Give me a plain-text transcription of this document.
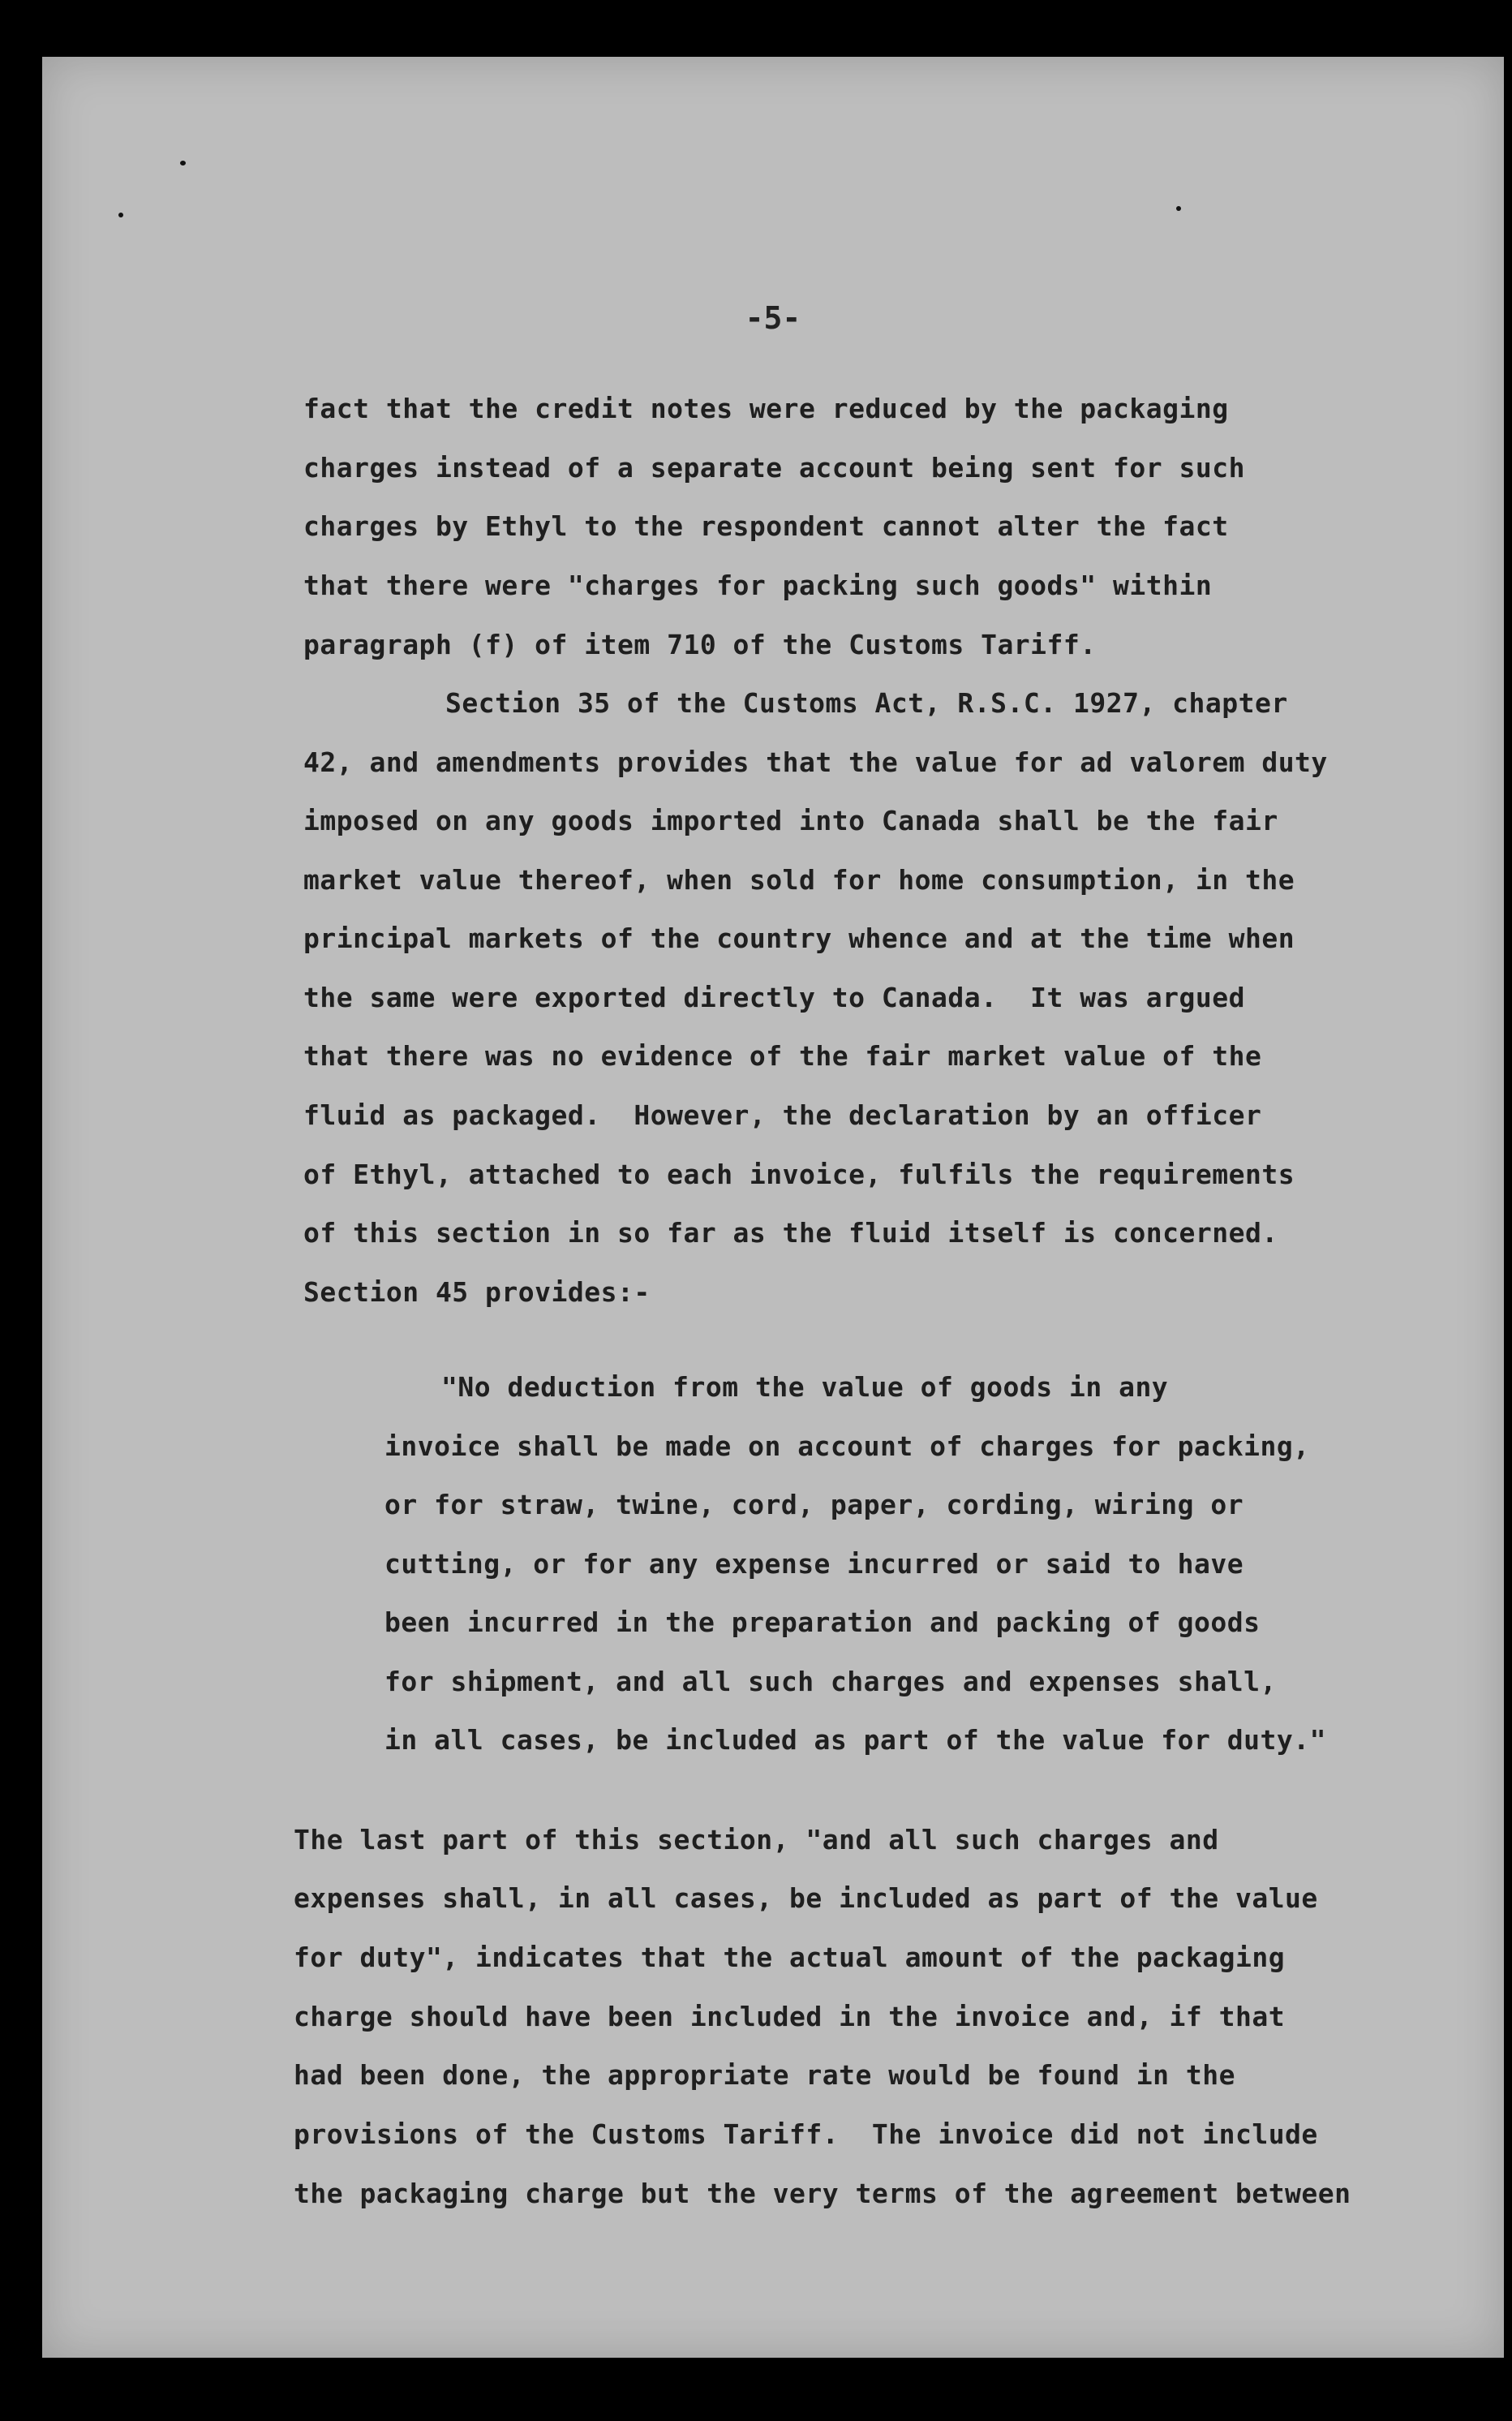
-5-

fact that the credit notes were reduced by the packaging

charges instead of a separate account being sent for such

charges by Ethyl to the respondent cannot alter the fact

that there were "charges for packing such goods" within

paragraph (f) of item 710 of the Customs Tariff.

Section 35 of the Customs Act, R.S.C. 1927, chapter

42, and amendments provides that the value for ad valorem duty

imposed on any goods imported into Canada shall be the fair

market value thereof, when sold for home consumption, in the

principal markets of the country whence and at the time when

the same were exported directly to Canada.  It was argued

that there was no evidence of the fair market value of the

fluid as packaged.  However, the declaration by an officer

of Ethyl, attached to each invoice, fulfils the requirements

of this section in so far as the fluid itself is concerned.

Section 45 provides:-

"No deduction from the value of goods in any

invoice shall be made on account of charges for packing,

or for straw, twine, cord, paper, cording, wiring or

cutting, or for any expense incurred or said to have

been incurred in the preparation and packing of goods

for shipment, and all such charges and expenses shall,

in all cases, be included as part of the value for duty."

The last part of this section, "and all such charges and

expenses shall, in all cases, be included as part of the value

for duty", indicates that the actual amount of the packaging

charge should have been included in the invoice and, if that

had been done, the appropriate rate would be found in the

provisions of the Customs Tariff.  The invoice did not include

the packaging charge but the very terms of the agreement between
